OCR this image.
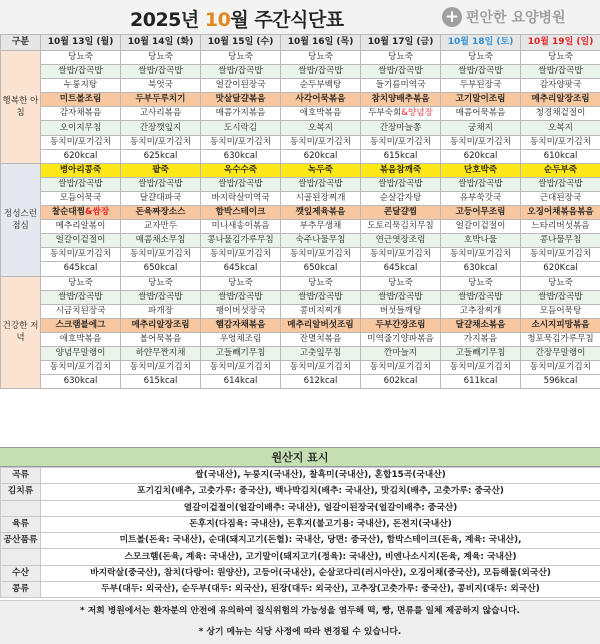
2025년 10월 주간식단표	+ 편안한 요양병원
구분	10월 13일 (월)	10월 14일 (화)	10월 15일 (수)	10월 16일 (목)	10월 17일 (금)	10월 18일 (토)	10월 19일 (일)
행복한 아침	당뇨죽	당뇨죽	당뇨죽	당뇨죽	당뇨죽	당뇨죽	당뇨죽
	쌀밥/잡곡밥	쌀밥/잡곡밥	쌀밥/잡곡밥	쌀밥/잡곡밥	쌀밥/잡곡밥	쌀밥/잡곡밥	쌀밥/잡곡밥
	누룽지탕	북엇국	얼갈이된장국	순두부백탕	들기름미역국	두부된장국	감자양팟국
	미트볼조림	두부두루치기	맛살달걀볶음	사각어묵볶음	참치양배추볶음	고기말이조림	메추리알장조림
	감자채볶음	고사리볶음	매콤가지볶음	애호박볶음	두부숙회&양념장	매콤어묵볶음	청경채겉절이
	오이지무침	간장깻잎지	도시락김	오복지	간장마늘쫑	궁채지	오복지
	동치미/포기김치	동치미/포기김치	동치미/포기김치	동치미/포기김치	동치미/포기김치	동치미/포기김치	동치미/포기김치
	620kcal	625kcal	630kcal	620kcal	615kcal	620kcal	610kcal
정성스런 점심	병아리콩죽	팥죽	옥수수죽	녹두죽	볶음참깨죽	단호박죽	순두부죽
	쌀밥/잡곡밥	쌀밥/잡곡밥	쌀밥/잡곡밥	쌀밥/잡곡밥	쌀밥/잡곡밥	쌀밥/잡곡밥	쌀밥/잡곡밥
	모듬어묵국	달걀대파국	바지락살미역국	시골된장찌개	순살감자탕	유부쑥갓국	근대된장국
	찰순대찜&쌈장	돈육짜장소스	함박스테이크	깻잎제육볶음	콘달걀찜	고등어무조림	오징어채볶음볶음
	메추리알볶이	교자만두	미니새송이볶음	부추무생채	도토리묵김치무침	얼갈이겉절이	느타리버섯볶음
	얼갈이겉절이	매콤채소무침	콩나물김가루무침	숙주나물무침	연근엿장조림	호박나물	콩나물무침
	동치미/포기김치	동치미/포기김치	동치미/포기김치	동치미/포기김치	동치미/포기김치	동치미/포기김치	동치미/포기김치
	645kcal	650kcal	645kcal	650kcal	645kcal	630kcal	620Kcal
건강한 저녁	당뇨죽	당뇨죽	당뇨죽	당뇨죽	당뇨죽	당뇨죽	당뇨죽
	쌀밥/잡곡밥	쌀밥/잡곡밥	쌀밥/잡곡밥	쌀밥/잡곡밥	쌀밥/잡곡밥	쌀밥/잡곡밥	쌀밥/잡곡밥
	시금치된장국	파개장	팽이버섯장국	콩비지찌개	버섯들깨탕	고추장찌개	모듬어묵탕
	스크램블에그	메추리알장조림	햄감자채볶음	메추리알버섯조림	두부간장조림	달걀채소볶음	소시지피망볶음
	애호박볶음	볼어묵볶음	우엉채조림	잔멸치볶음	미역줄기양파볶음	가지볶음	청포묵김가루무침
	양념무말랭이	하얀무짠지채	고들빼기무침	고춧잎무침	깐마늘지	고들빼기무침	간장무말랭이
	동치미/포기김치	동치미/포기김치	동치미/포기김치	동치미/포기김치	동치미/포기김치	동치미/포기김치	동치미/포기김치
	630kcal	615kcal	614kcal	612kcal	602kcal	611kcal	596kcal
원산지 표시
곡류	쌀(국내산), 누룽지(국내산), 찰흑미(국내산), 혼합15곡(국내산)
김치류	포기김치(배추, 고춧가루: 중국산), 백나박김치(배추: 국내산), 맛김치(배추, 고춧가루: 중국산)
	열갈이겉절이(얼갈이배추: 국내산), 얼갈이된장국(얼갈이배추: 중국산)
육류	돈후지(다짐육: 국내산), 돈후지(불고기용: 국내산), 돈전지(국내산)
공산품류	미트볼(돈육: 국내산), 순대(돼지고기(돈혈): 국내산, 당면: 중국산), 함박스테이크(돈육, 계육: 국내산),
	스모크햄(돈육, 계육: 국내산), 고기말이(돼지고기(정육): 국내산), 비엔나소시지(돈육, 계육: 국내산)
수산	바지락살(중국산), 참치(다랑어: 원양산), 고등어(국내산), 순살코다리(러시아산), 오징어채(중국산), 모듬해물(외국산)
콩류	두부(대두: 외국산), 순두부(대두: 외국산), 된장(대두: 외국산), 고추장(고춧가루: 중국산), 콩비지(대두: 외국산)
* 저희 병원에서는 환자분의 안전에 유의하여 질식위험의 가능성을 염두해 떡, 빵, 면류를 일체 제공하지 않습니다.
* 상기 메뉴는 식당 사정에 따라 변경될 수 있습니다.
